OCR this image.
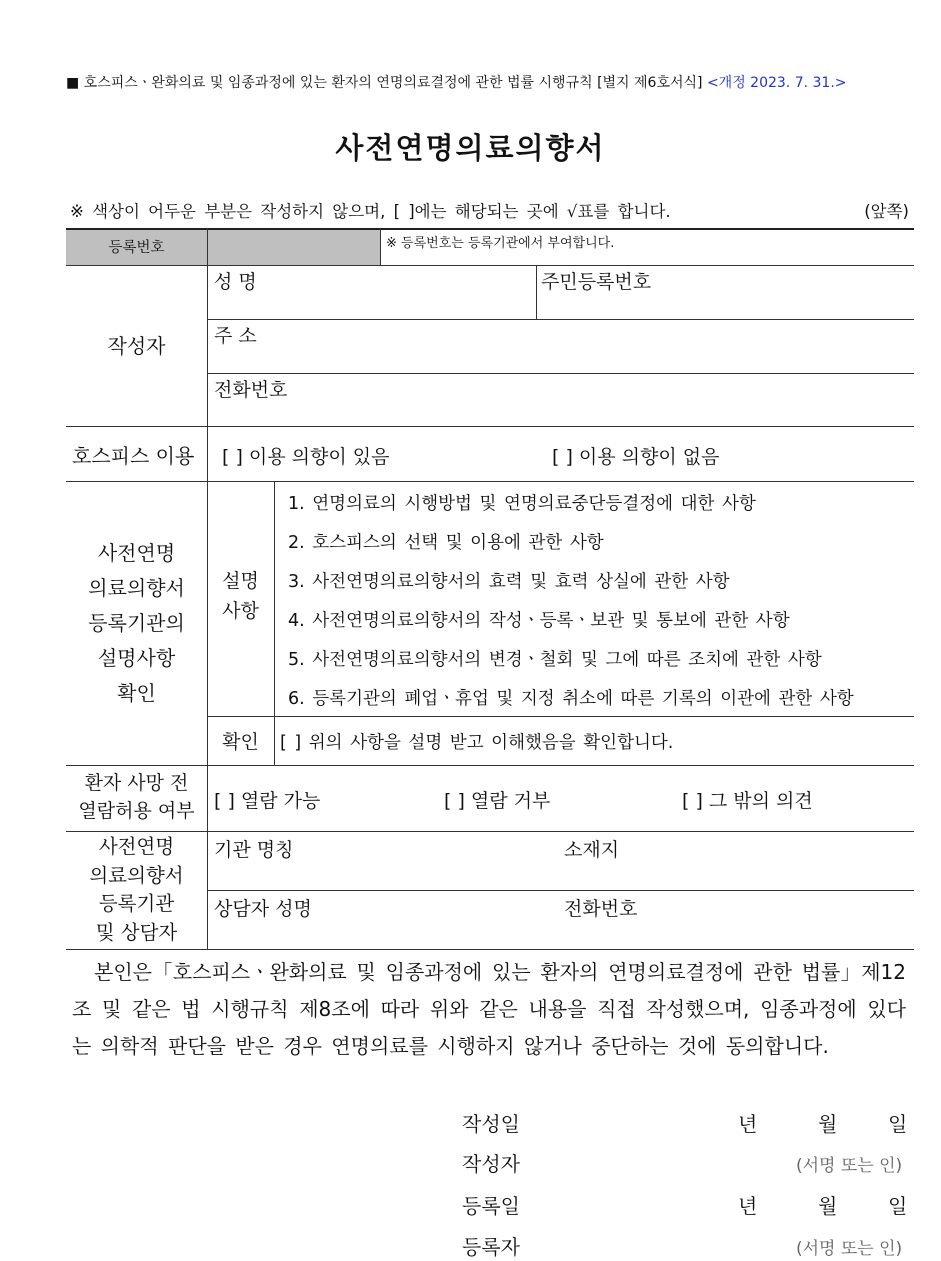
■ 호스피스ㆍ완화의료 및 임종과정에 있는 환자의 연명의료결정에 관한 법률 시행규칙 [별지 제6호서식] <개정 2023. 7. 31.>
사전연명의료의향서
※ 색상이 어두운 부분은 작성하지 않으며, [ ]에는 해당되는 곳에 √표를 합니다.	(앞쪽)
등록번호	※ 등록번호는 등록기관에서 부여합니다.
작성자
성 명	주민등록번호
주 소
전화번호
호스피스 이용 [ ] 이용 의향이 있음	[ ] 이용 의향이 없음
사전연명
의료의향서
등록기관의
설명사항
확인
설명
사항
1. 연명의료의 시행방법 및 연명의료중단등결정에 대한 사항
2. 호스피스의 선택 및 이용에 관한 사항
3. 사전연명의료의향서의 효력 및 효력 상실에 관한 사항
4. 사전연명의료의향서의 작성ㆍ등록ㆍ보관 및 통보에 관한 사항
5. 사전연명의료의향서의 변경ㆍ철회 및 그에 따른 조치에 관한 사항
6. 등록기관의 폐업ㆍ휴업 및 지정 취소에 따른 기록의 이관에 관한 사항
확인	[ ] 위의 사항을 설명 받고 이해했음을 확인합니다.
환자 사망 전
열람허용 여부	[ ] 열람 가능	[ ] 열람 거부	[ ] 그 밖의 의견
사전연명
의료의향서
등록기관
및 상담자
기관 명칭	소재지
상담자 성명	전화번호
본인은「호스피스ㆍ완화의료 및 임종과정에 있는 환자의 연명의료결정에 관한 법률」제12조 및 같은 법 시행규칙 제8조에 따라 위와 같은 내용을 직접 작성했으며, 임종과정에 있다는 의학적 판단을 받은 경우 연명의료를 시행하지 않거나 중단하는 것에 동의합니다.
작성일	년	월	일
작성자	(서명 또는 인)
등록일	년	월	일
등록자	(서명 또는 인)
